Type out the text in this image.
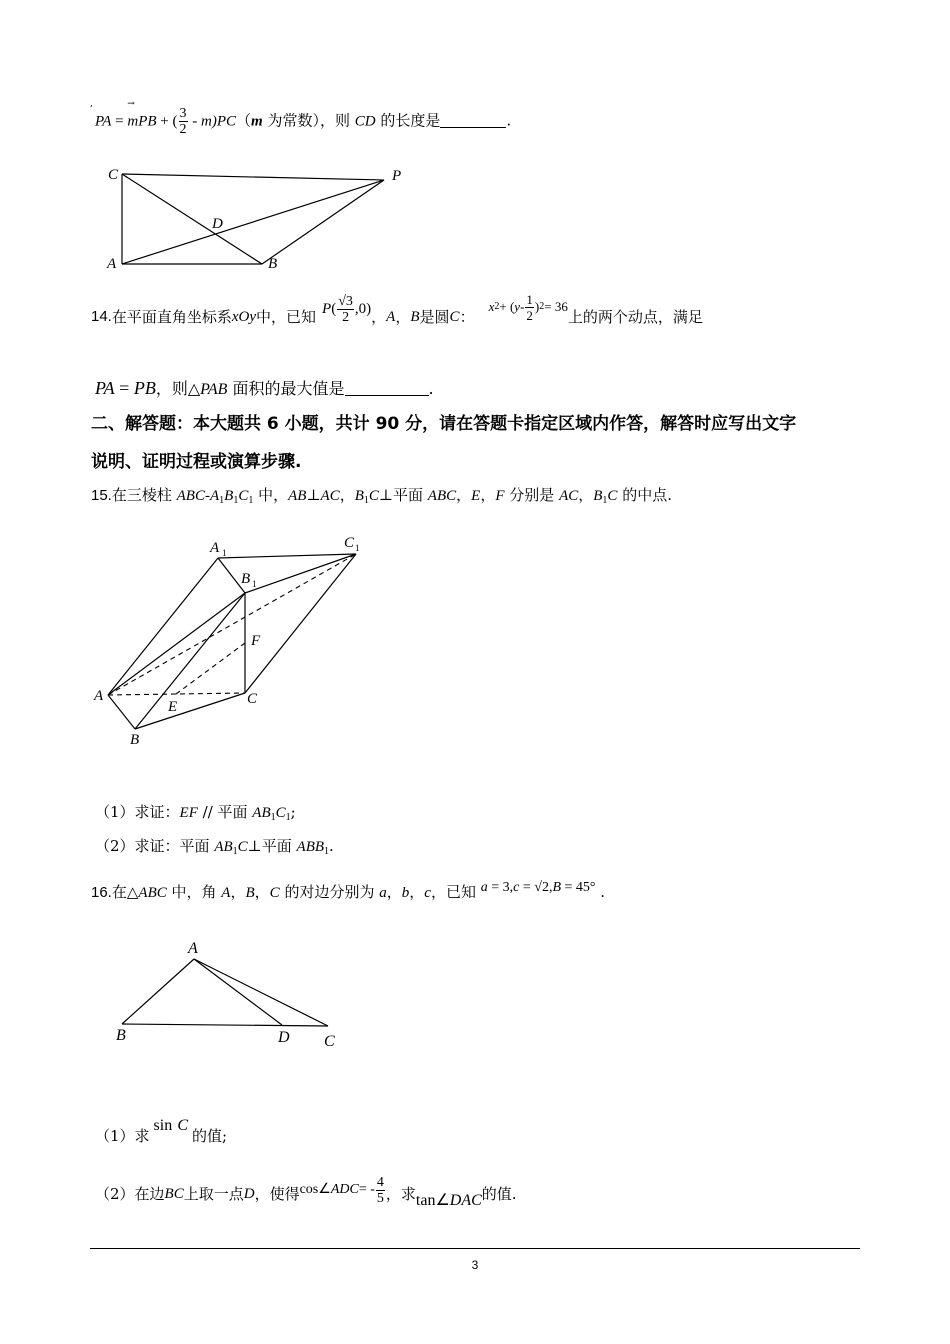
,            →
PA = mPB + ( $\frac{3}{2} - m)PC(m$ 为常数），则 CD 的长度是	.
C	P
D
A	B
14. 在平面直角坐标系 xOy 中，已知 P ( $\frac{√3}{2} ,0$) ， A ， B 是圆 C ：
x 2 + ( y - $\frac{1}{2}$ ) 2 = 36
上的两个动点，满足
PA = PB，则△PAB 面积的最大值是	.
二、解答题：本大题共 6 小题，共计 90 分，请在答题卡指定区域内作答，解答时应写出文字
说明、证明过程或演算步骤.
15.在三棱柱 ABC-$A_1B_1C_1$ 中，AB⊥AC，$B_1C\perp$平面 ABC，E，F 分别是 AC，$B_1C$ 的中点.
A 1
C 1
B 1
F
A
E	C
B
（1）求证：EF // 平面 $AB_1C_1$;
（2）求证：平面 $AB_1C\perp$平面 $ABB_1$.
16.在△ABC 中，角 A，B，C 的对边分别为 a，b，c，已知 a = 3,c = √2,B = 45° .
A
B	D C
（1）求
sin C
的值;
（2）在边 BC 上取一点 D ，使得 cos∠ ADC = - $\frac{4}{5}$ ，求 tan∠DAC 的值.
3
